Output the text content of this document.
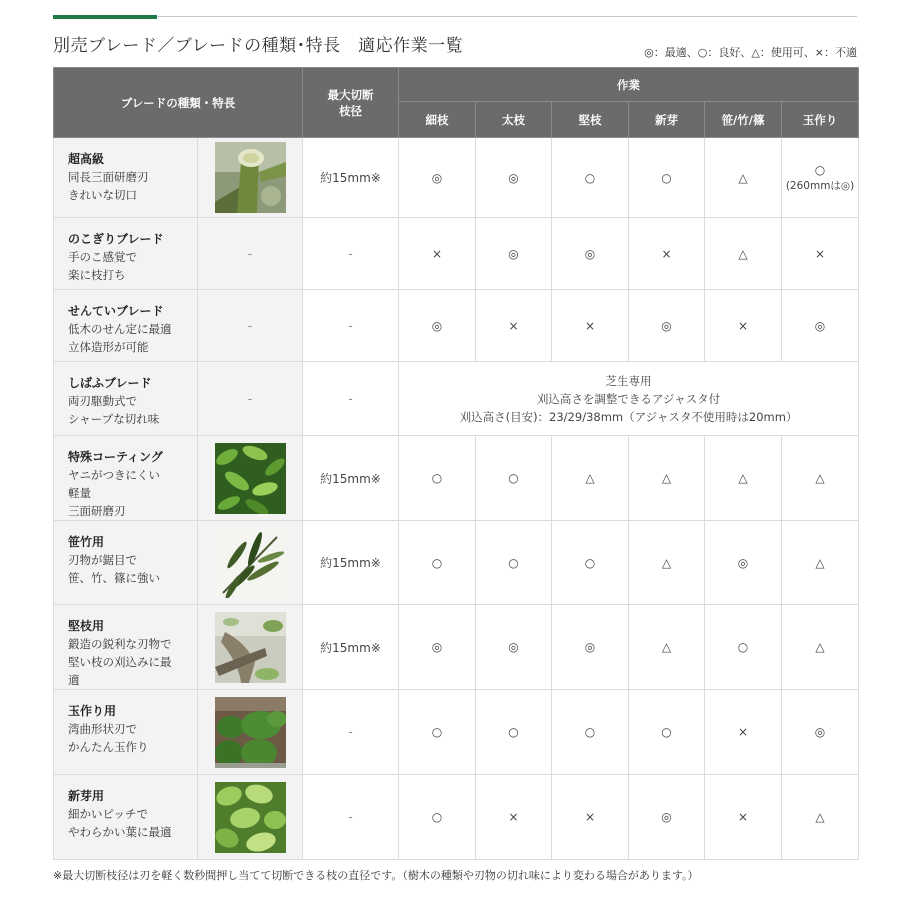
別売ブレード／ブレードの種類･特長　適応作業一覧	◎：最適、○：良好、△：使用可、×：不適
ブレードの種類・特長		最大切断
枝径	作業					
			細枝	太枝	堅枝	新芽	笹/竹/篠	玉作り
超高級
同長三面研磨刃
きれいな切口		約15mm※	◎	◎	○	○	△	○
(260mmは◎)

のこぎりブレード
手のこ感覚で
楽に枝打ち	-	-	×	◎	◎	×	△	×
せんていブレード
低木のせん定に最適
立体造形が可能	-	-	◎	×	×	◎	×	◎
しばふブレード
両刃駆動式で
シャープな切れ味	-	-	芝生専用
刈込高さを調整できるアジャスタ付
刈込高さ(目安)：23/29/38mm（アジャスタ不使用時は20mm）					
特殊コーティング
ヤニがつきにくい
軽量
三面研磨刃		約15mm※	○	○	△	△	△	△
笹竹用
刃物が鋸目で
笹、竹、篠に強い		約15mm※	○	○	○	△	◎	△
堅枝用
鍛造の鋭利な刃物で
堅い枝の刈込みに最
適		約15mm※	◎	◎	◎	△	○	△
玉作り用
湾曲形状刃で
かんたん玉作り		-	○	○	○	○	×	◎
新芽用
細かいピッチで
やわらかい葉に最適		-	○	×	×	◎	×	△
※最大切断枝径は刃を軽く数秒間押し当てて切断できる枝の直径です。（樹木の種類や刃物の切れ味により変わる場合があります。）
